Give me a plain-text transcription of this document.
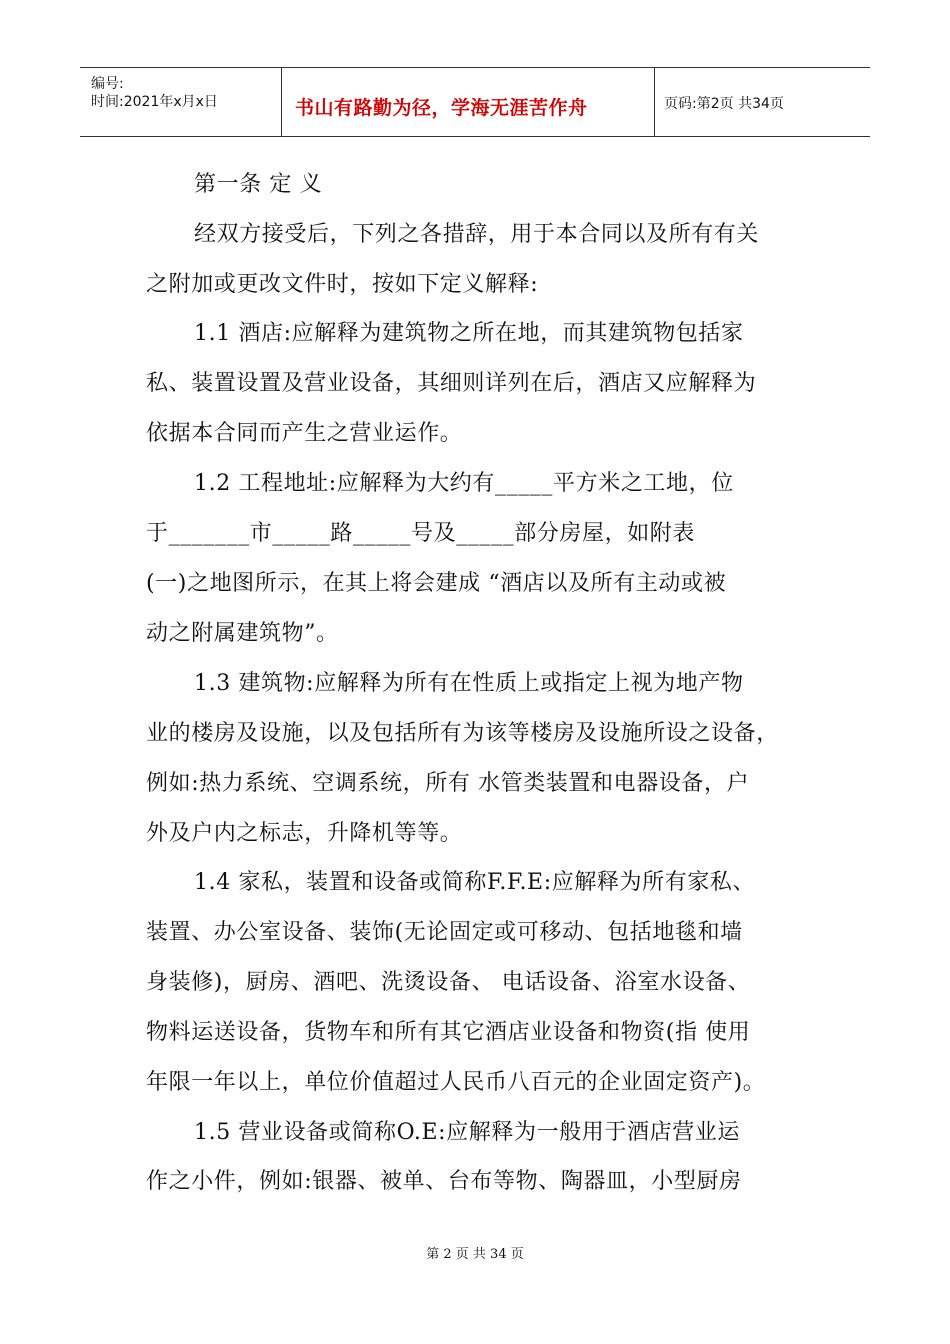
编号:
时间:2021年x月x日	书山有路勤为径，学海无涯苦作舟	页码:第2页 共34页
第一条 定 义
经双方接受后，下列之各措辞，用于本合同以及所有有关
之附加或更改文件时，按如下定义解释:
1.1 酒店:应解释为建筑物之所在地，而其建筑物包括家
私、装置设置及营业设备，其细则详列在后，酒店又应解释为
依据本合同而产生之营业运作。
1.2 工程地址:应解释为大约有_____平方米之工地，位
于_______市_____路_____号及_____部分房屋，如附表
(一)之地图所示，在其上将会建成 “酒店以及所有主动或被
动之附属建筑物”。
1.3 建筑物:应解释为所有在性质上或指定上视为地产物
业的楼房及设施，以及包括所有为该等楼房及设施所设之设备，
例如:热力系统、空调系统，所有 水管类装置和电器设备，户
外及户内之标志，升降机等等。
1.4 家私，装置和设备或简称F.F.E:应解释为所有家私、
装置、办公室设备、装饰(无论固定或可移动、包括地毯和墙
身装修)，厨房、酒吧、洗烫设备、 电话设备、浴室水设备、
物料运送设备，货物车和所有其它酒店业设备和物资(指 使用
年限一年以上，单位价值超过人民币八百元的企业固定资产)。
1.5 营业设备或简称O.E:应解释为一般用于酒店营业运
作之小件，例如:银器、被单、台布等物、陶器皿，小型厨房
第 2 页 共 34 页
